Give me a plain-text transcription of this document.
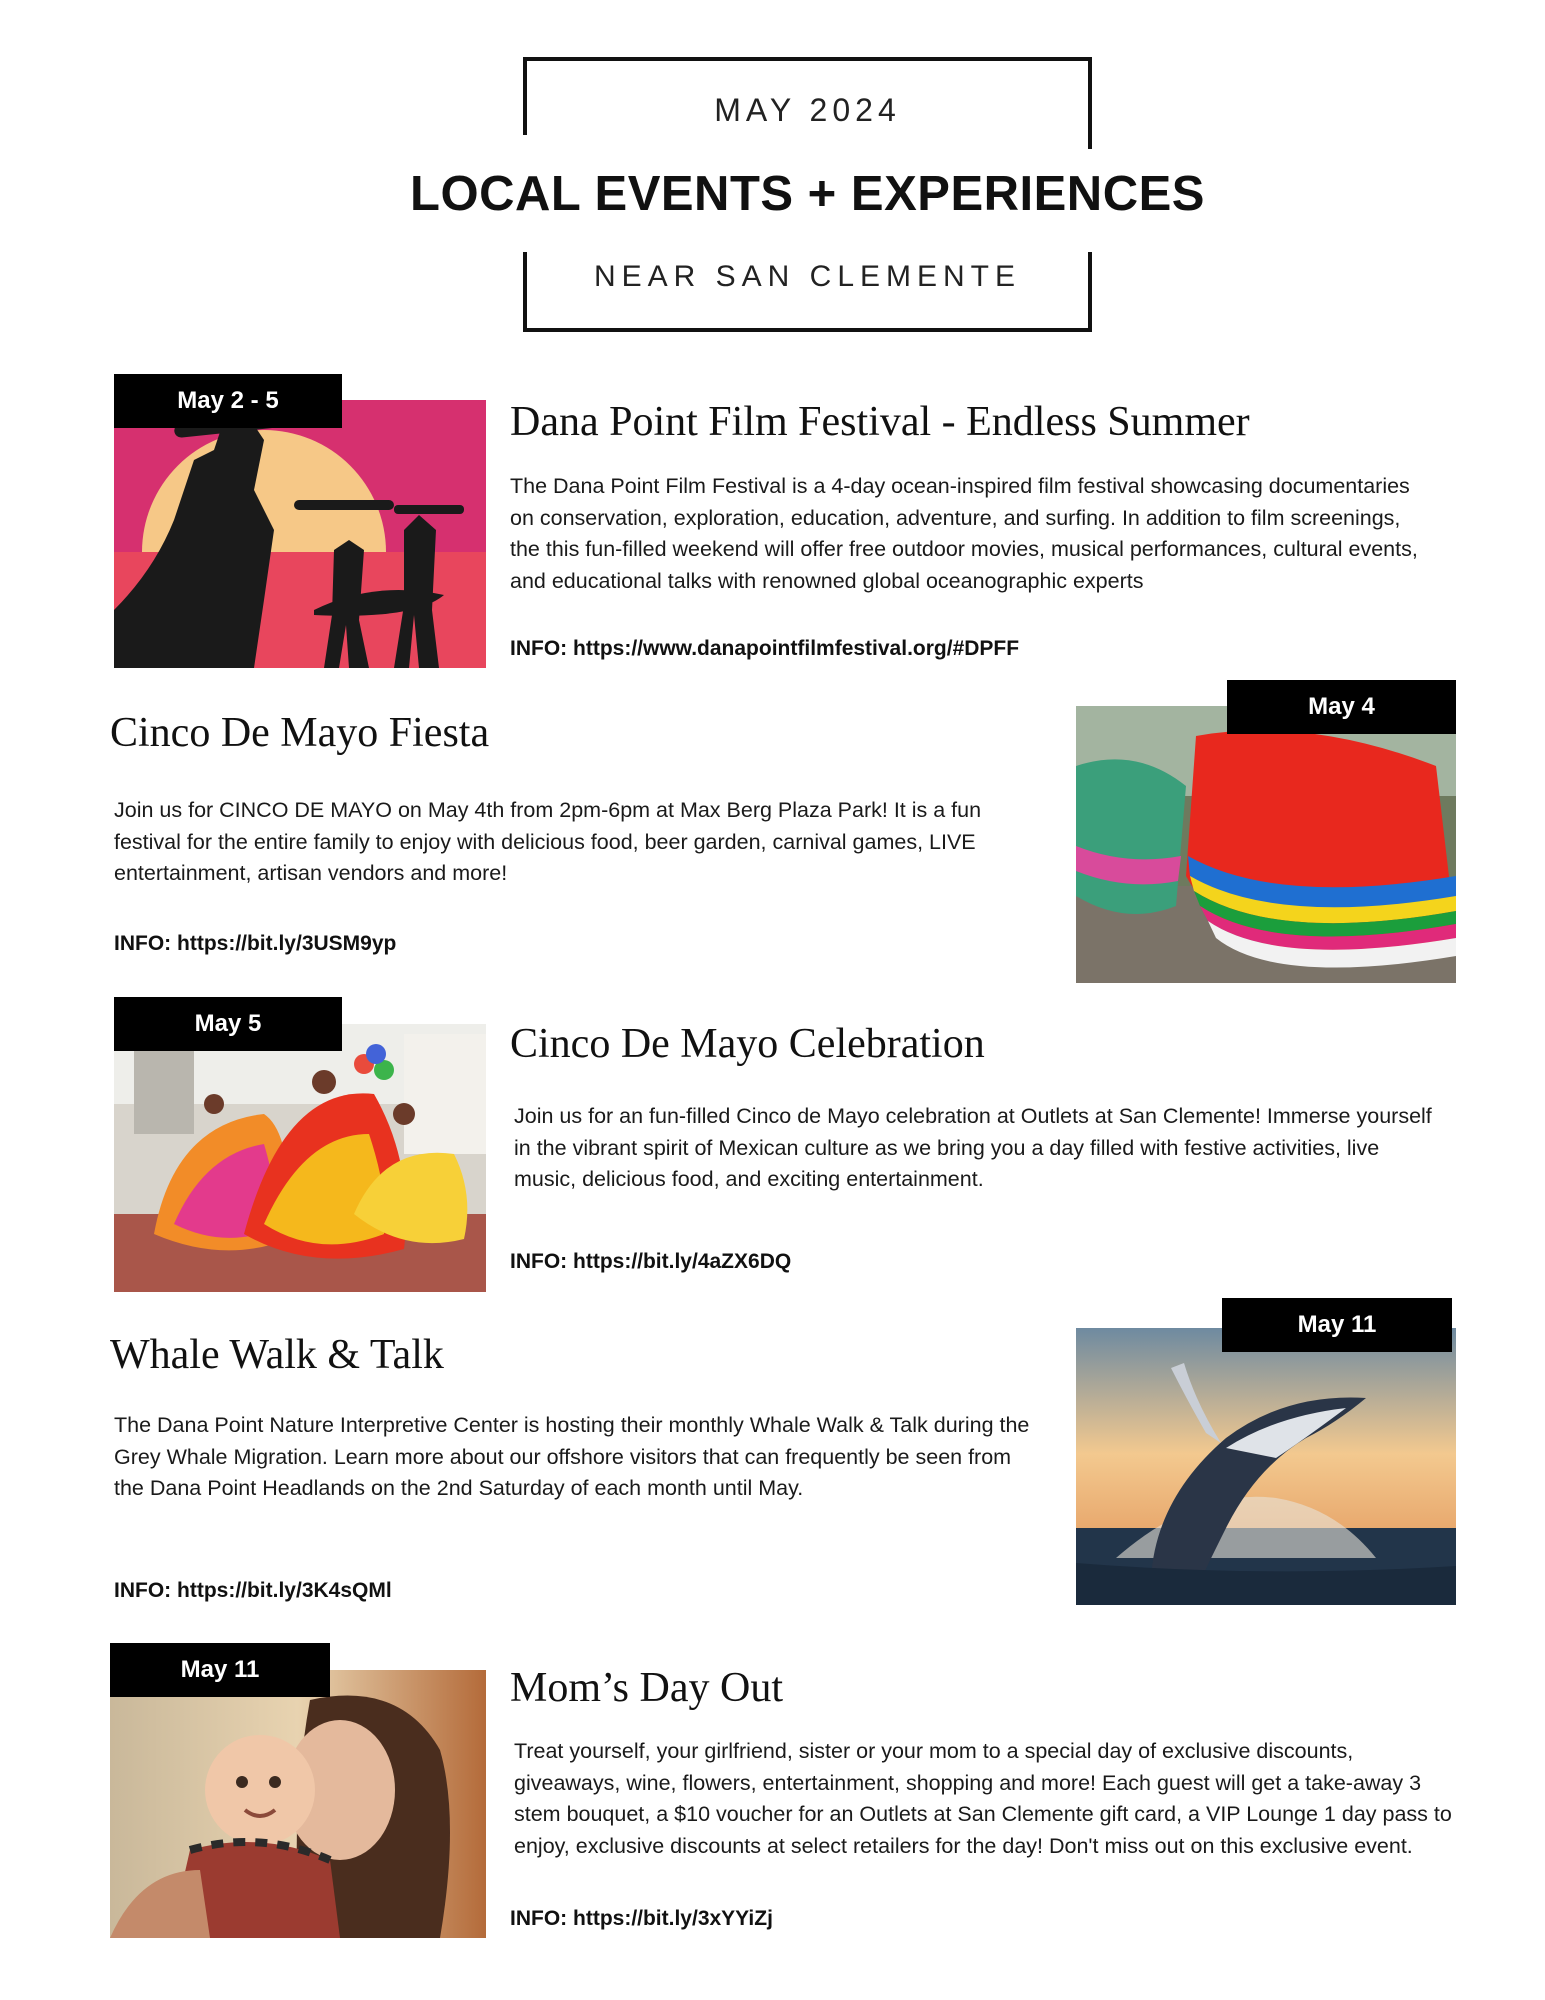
MAY 2024
LOCAL EVENTS + EXPERIENCES
NEAR SAN CLEMENTE
May 2 - 5	Dana Point Film Festival - Endless Summer
The Dana Point Film Festival is a 4-day ocean-inspired film festival showcasing documentaries on conservation, exploration, education, adventure, and surfing. In addition to film screenings, the this fun-filled weekend will offer free outdoor movies, musical performances, cultural events, and educational talks with renowned global oceanographic experts
INFO: https://www.danapointfilmfestival.org/#DPFF
Cinco De Mayo Fiesta
Join us for CINCO DE MAYO on May 4th from 2pm-6pm at Max Berg Plaza Park! It is a fun festival for the entire family to enjoy with delicious food, beer garden, carnival games, LIVE entertainment, artisan vendors and more!
INFO: https://bit.ly/3USM9yp
May 4
May 5	Cinco De Mayo Celebration
Join us for an fun-filled Cinco de Mayo celebration at Outlets at San Clemente! Immerse yourself in the vibrant spirit of Mexican culture as we bring you a day filled with festive activities, live music, delicious food, and exciting entertainment.
INFO: https://bit.ly/4aZX6DQ
Whale Walk & Talk
The Dana Point Nature Interpretive Center is hosting their monthly Whale Walk & Talk during the Grey Whale Migration. Learn more about our offshore visitors that can frequently be seen from the Dana Point Headlands on the 2nd Saturday of each month until May.
INFO: https://bit.ly/3K4sQMl
May 11
May 11	Mom’s Day Out
Treat yourself, your girlfriend, sister or your mom to a special day of exclusive discounts, giveaways, wine, flowers, entertainment, shopping and more! Each guest will get a take-away 3 stem bouquet, a $10 voucher for an Outlets at San Clemente gift card, a VIP Lounge 1 day pass to enjoy, exclusive discounts at select retailers for the day! Don't miss out on this exclusive event.
INFO: https://bit.ly/3xYYiZj
